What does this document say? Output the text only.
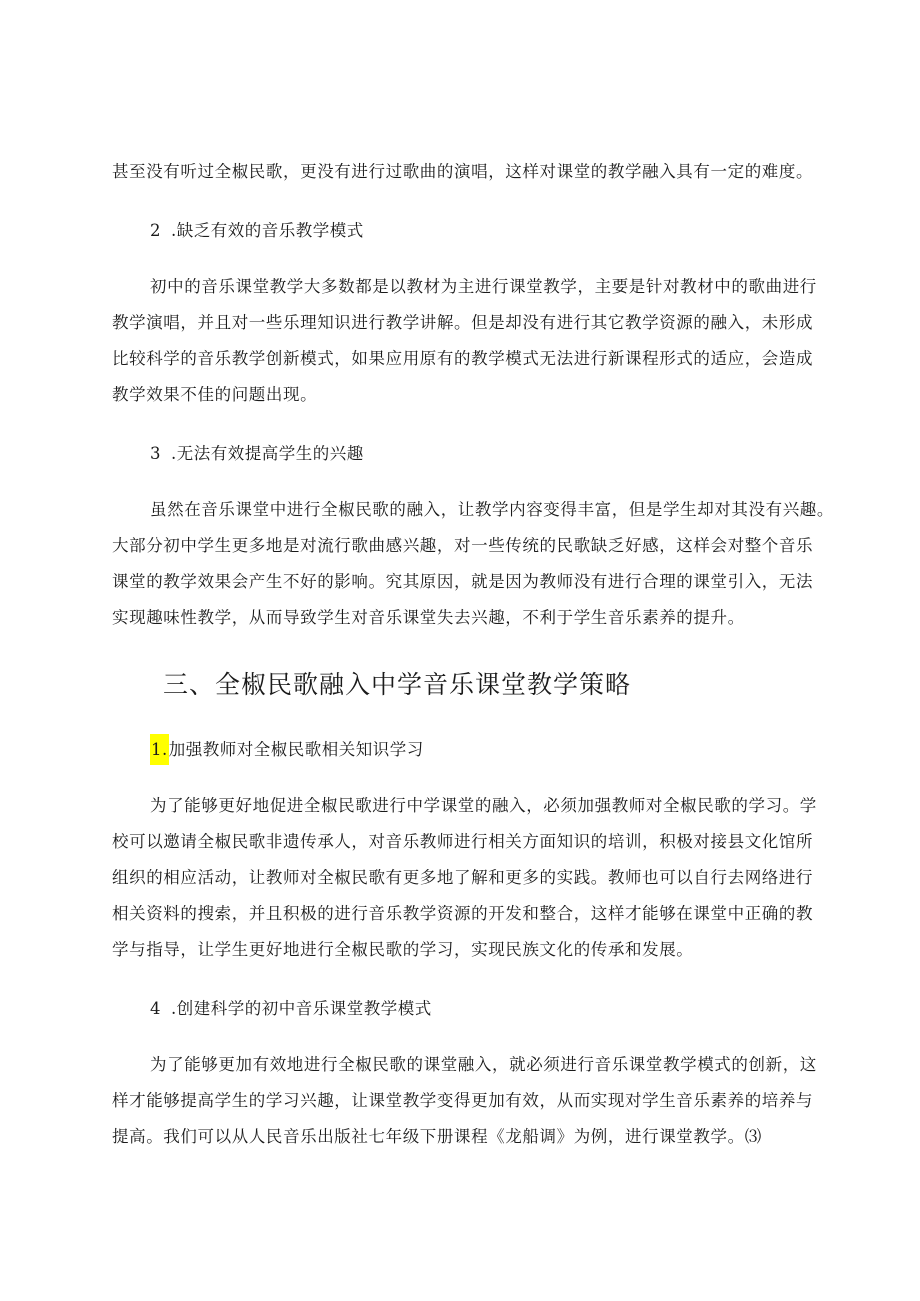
甚至没有听过全椒民歌，更没有进行过歌曲的演唱，这样对课堂的教学融入具有一定的难度。
2 .缺乏有效的音乐教学模式
初中的音乐课堂教学大多数都是以教材为主进行课堂教学，主要是针对教材中的歌曲进行
教学演唱，并且对一些乐理知识进行教学讲解。但是却没有进行其它教学资源的融入，未形成
比较科学的音乐教学创新模式，如果应用原有的教学模式无法进行新课程形式的适应，会造成
教学效果不佳的问题出现。
3 .无法有效提高学生的兴趣
虽然在音乐课堂中进行全椒民歌的融入，让教学内容变得丰富，但是学生却对其没有兴趣。
大部分初中学生更多地是对流行歌曲感兴趣，对一些传统的民歌缺乏好感，这样会对整个音乐
课堂的教学效果会产生不好的影响。究其原因，就是因为教师没有进行合理的课堂引入，无法
实现趣味性教学，从而导致学生对音乐课堂失去兴趣，不利于学生音乐素养的提升。
三、全椒民歌融入中学音乐课堂教学策略
1.加强教师对全椒民歌相关知识学习
为了能够更好地促进全椒民歌进行中学课堂的融入，必须加强教师对全椒民歌的学习。学
校可以邀请全椒民歌非遗传承人，对音乐教师进行相关方面知识的培训，积极对接县文化馆所
组织的相应活动，让教师对全椒民歌有更多地了解和更多的实践。教师也可以自行去网络进行
相关资料的搜索，并且积极的进行音乐教学资源的开发和整合，这样才能够在课堂中正确的教
学与指导，让学生更好地进行全椒民歌的学习，实现民族文化的传承和发展。
4 .创建科学的初中音乐课堂教学模式
为了能够更加有效地进行全椒民歌的课堂融入，就必须进行音乐课堂教学模式的创新，这
样才能够提高学生的学习兴趣，让课堂教学变得更加有效，从而实现对学生音乐素养的培养与
提高。我们可以从人民音乐出版社七年级下册课程《龙船调》为例，进行课堂教学。⑶
